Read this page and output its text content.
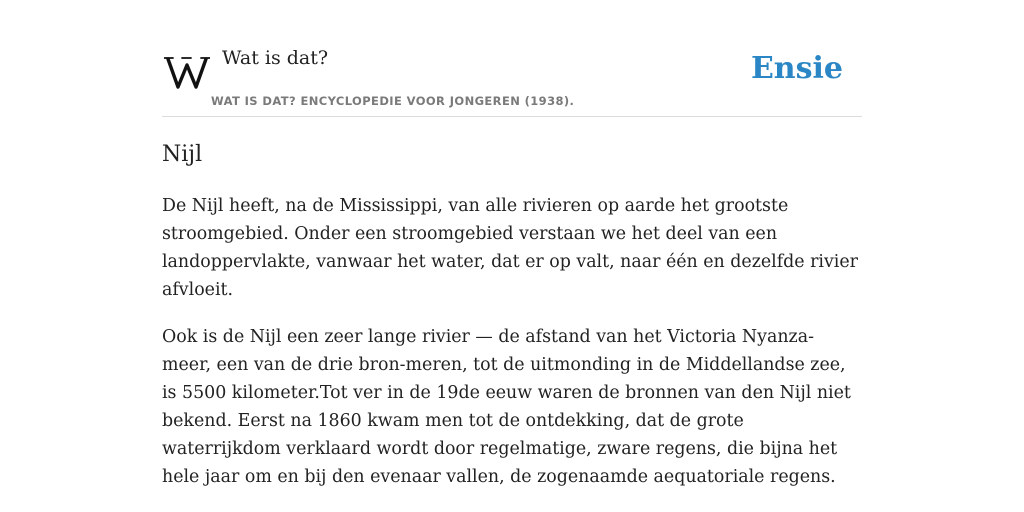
Wat is dat?
WAT IS DAT? ENCYCLOPEDIE VOOR JONGEREN (1938).
Ensie
Nijl

De Nijl heeft, na de Mississippi, van alle rivieren op aarde het grootste stroomgebied. Onder een stroomgebied verstaan we het deel van een landoppervlakte, vanwaar het water, dat er op valt, naar één en dezelfde rivier afvloeit.

Ook is de Nijl een zeer lange rivier — de afstand van het Victoria Nyanza-meer, een van de drie bron-meren, tot de uitmonding in de Middellandse zee, is 5500 kilometer.Tot ver in de 19de eeuw waren de bronnen van den Nijl niet bekend. Eerst na 1860 kwam men tot de ontdekking, dat de grote waterrijkdom verklaard wordt door regelmatige, zware regens, die bijna het hele jaar om en bij den evenaar vallen, de zogenaamde aequatoriale regens.
